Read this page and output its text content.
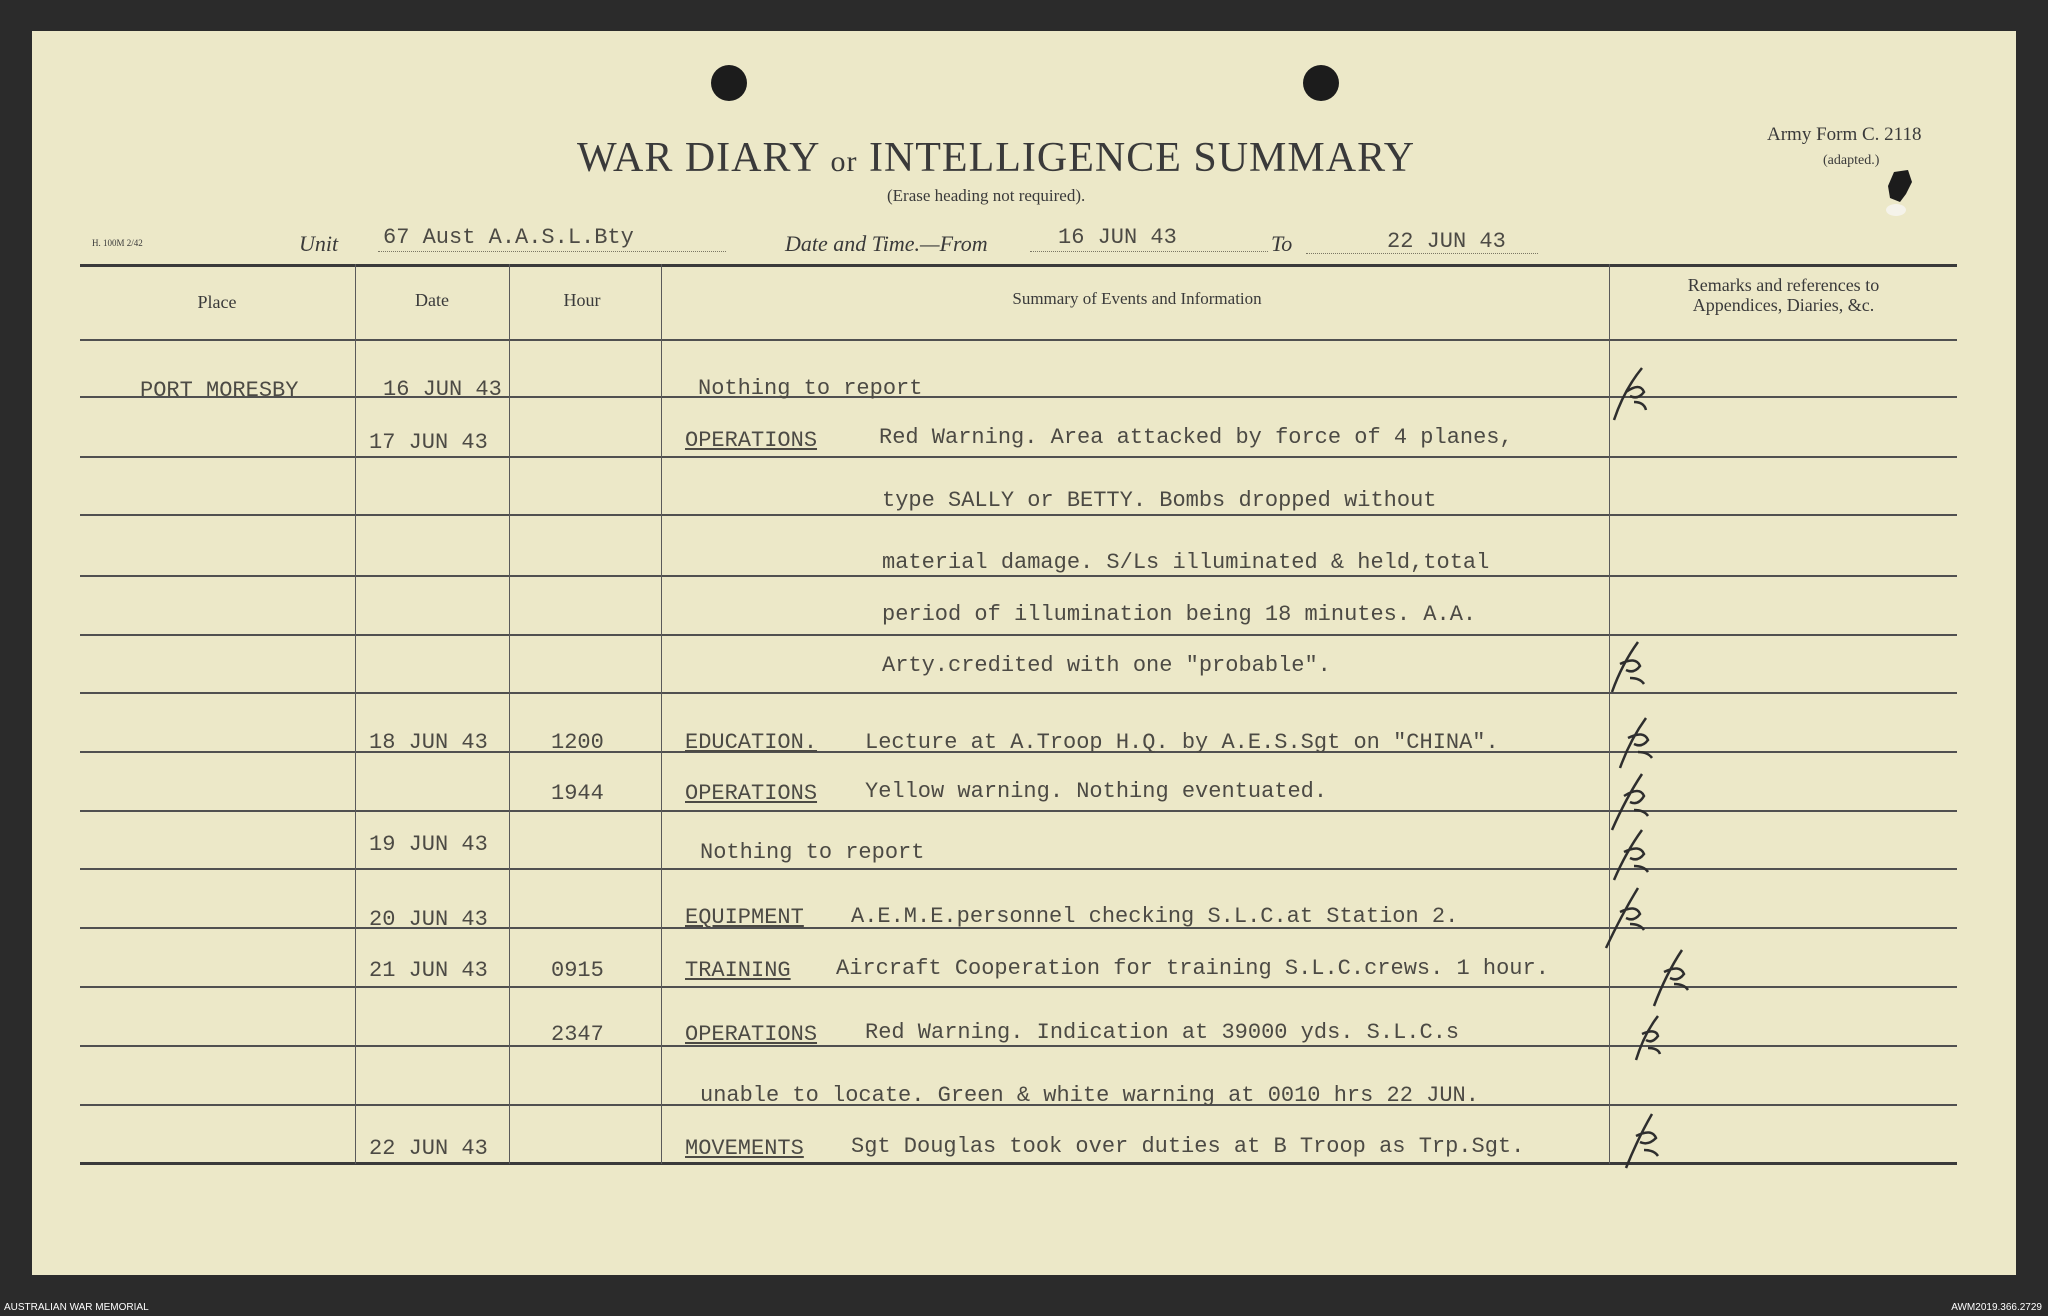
WAR DIARY or INTELLIGENCE SUMMARY
(Erase heading not required).
Army Form C. 2118
(adapted.)
H. 100M 2/42	Unit 67 Aust A.A.S.L.Bty	Date and Time.—From	16 JUN 43	To	22 JUN 43
Place	Date	Hour	Summary of Events and Information
Remarks and references to
Appendices, Diaries, &c.
PORT MORESBY	16 JUN 43	Nothing to report
17 JUN 43	OPERATIONS	Red Warning. Area attacked by force of 4 planes,
type SALLY or BETTY. Bombs dropped without
material damage. S/Ls illuminated & held,total
period of illumination being 18 minutes. A.A.
Arty.credited with one "probable".
18 JUN 43	1200	EDUCATION. Lecture at A.Troop H.Q. by A.E.S.Sgt on "CHINA".
1944	OPERATIONS Yellow warning. Nothing eventuated.
19 JUN 43	Nothing to report
20 JUN 43	EQUIPMENT A.E.M.E.personnel checking S.L.C.at Station 2.
21 JUN 43	0915	TRAINING Aircraft Cooperation for training S.L.C.crews. 1 hour.
2347	OPERATIONS Red Warning. Indication at 39000 yds. S.L.C.s
unable to locate. Green & white warning at 0010 hrs 22 JUN.
22 JUN 43	MOVEMENTS Sgt Douglas took over duties at B Troop as Trp.Sgt.
AUSTRALIAN WAR MEMORIAL	AWM2019.366.2729
